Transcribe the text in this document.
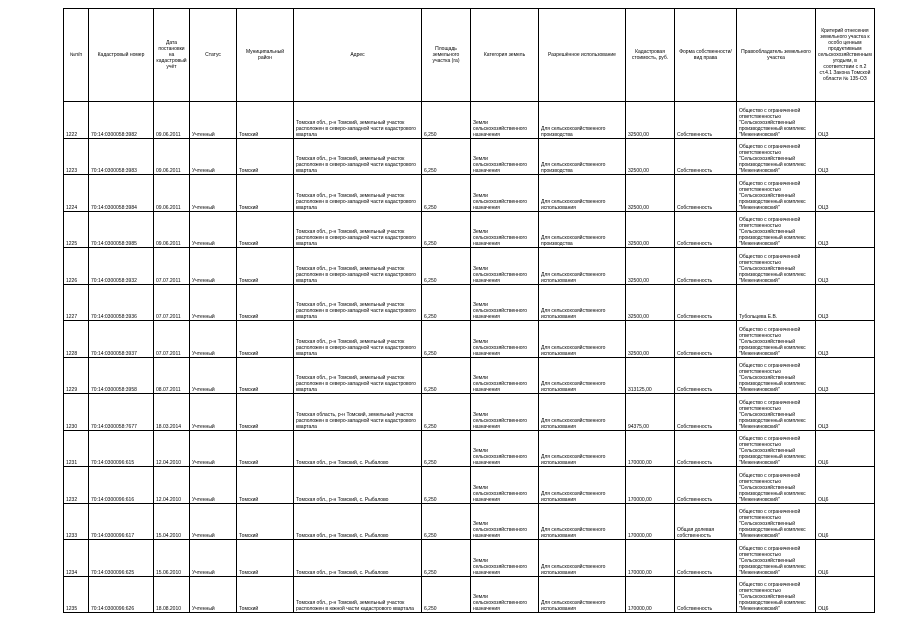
№п/п	Кадастровый номер	Дата постановки на кадастровый учёт	Статус	Муниципальный район	Адрес	Площадь земельного участка (га)	Категория земель	Разрешённое использование	Кадастровая стоимость, руб.	Форма собственности/вид права	Правообладатель земельного участка	Критерий отнесения земельного участка к особо ценным продуктивным сельскохозяйственным угодьям, в соответствии с п.2 ст.4.1 Закона Томской области № 135-ОЗ
1222	70:14:0300058:3982	09.06.2011	Учтенный	Томский	Томская обл., р-н Томский, земельный участок расположен в северо-западной части кадастрового квартала	6,250	Земли сельскохозяйственного назначения	Для сельскохозяйственного производства	32500,00	Собственность	Общество с ограниченной ответственностью "Сельскохозяйственный производственный комплекс "Межениновский"	ОЦ3
1223	70:14:0300058:3983	09.06.2011	Учтенный	Томский	Томская обл., р-н Томский, земельный участок расположен в северо-западной части кадастрового квартала	6,250	Земли сельскохозяйственного назначения	Для сельскохозяйственного производства	32500,00	Собственность	Общество с ограниченной ответственностью "Сельскохозяйственный производственный комплекс "Межениновский"	ОЦ3
1224	70:14:0300058:3984	09.06.2011	Учтенный	Томский	Томская обл., р-н Томский, земельный участок расположен в северо-западной части кадастрового квартала	6,250	Земли сельскохозяйственного назначения	Для сельскохозяйственного использования	32500,00	Собственность	Общество с ограниченной ответственностью "Сельскохозяйственный производственный комплекс "Межениновский"	ОЦ3
1225	70:14:0300058:3985	09.06.2011	Учтенный	Томский	Томская обл., р-н Томский, земельный участок расположен в северо-западной части кадастрового квартала	6,250	Земли сельскохозяйственного назначения	Для сельскохозяйственного производства	32500,00	Собственность	Общество с ограниченной ответственностью "Сельскохозяйственный производственный комплекс "Межениновский"	ОЦ3
1226	70:14:0300058:3932	07.07.2011	Учтенный	Томский	Томская обл., р-н Томский, земельный участок расположен в северо-западной части кадастрового квартала	6,250	Земли сельскохозяйственного назначения	Для сельскохозяйственного использования	32500,00	Собственность	Общество с ограниченной ответственностью "Сельскохозяйственный производственный комплекс "Межениновский"	ОЦ3
1227	70:14:0300058:3936	07.07.2011	Учтенный	Томский	Томская обл., р-н Томский, земельный участок расположен в северо-западной части кадастрового квартала	6,250	Земли сельскохозяйственного назначения	Для сельскохозяйственного использования	32500,00	Собственность	Тубольцева Е.В.	ОЦ3
1228	70:14:0300058:3937	07.07.2011	Учтенный	Томский	Томская обл., р-н Томский, земельный участок расположен в северо-западной части кадастрового квартала	6,250	Земли сельскохозяйственного назначения	Для сельскохозяйственного использования	32500,00	Собственность	Общество с ограниченной ответственностью "Сельскохозяйственный производственный комплекс "Межениновский"	ОЦ3
1229	70:14:0300058:3958	08.07.2011	Учтенный	Томский	Томская обл., р-н Томский, земельный участок расположен в северо-западной части кадастрового квартала	6,250	Земли сельскохозяйственного назначения	Для сельскохозяйственного использования	313125,00	Собственность	Общество с ограниченной ответственностью "Сельскохозяйственный производственный комплекс "Межениновский"	ОЦ3
1230	70:14:0300058:7677	18.03.2014	Учтенный	Томский	Томская область, р-н Томский, земельный участок расположен в северо-западной части кадастрового квартала	6,250	Земли сельскохозяйственного назначения	Для сельскохозяйственного использования	94375,00	Собственность	Общество с ограниченной ответственностью "Сельскохозяйственный производственный комплекс "Межениновский"	ОЦ3
1231	70:14:0300096:615	12.04.2010	Учтенный	Томский	Томская обл., р-н Томский, с. Рыбалово	6,250	Земли сельскохозяйственного назначения	Для сельскохозяйственного использования	170000,00	Собственность	Общество с ограниченной ответственностью "Сельскохозяйственный производственный комплекс "Межениновский"	ОЦ6
1232	70:14:0300096:616	12.04.2010	Учтенный	Томский	Томская обл., р-н Томский, с. Рыбалово	6,250	Земли сельскохозяйственного назначения	Для сельскохозяйственного использования	170000,00	Собственность	Общество с ограниченной ответственностью "Сельскохозяйственный производственный комплекс "Межениновский"	ОЦ6
1233	70:14:0300096:617	15.04.2010	Учтенный	Томский	Томская обл., р-н Томский, с. Рыбалово	6,250	Земли сельскохозяйственного назначения	Для сельскохозяйственного использования	170000,00	Общая долевая собственность	Общество с ограниченной ответственностью "Сельскохозяйственный производственный комплекс "Межениновский"	ОЦ6
1234	70:14:0300096:625	15.06.2010	Учтенный	Томский	Томская обл., р-н Томский, с. Рыбалово	6,250	Земли сельскохозяйственного назначения	Для сельскохозяйственного использования	170000,00	Собственность	Общество с ограниченной ответственностью "Сельскохозяйственный производственный комплекс "Межениновский"	ОЦ6
1235	70:14:0300096:626	18.08.2010	Учтенный	Томский	Томская обл., р-н Томский, земельный участок расположен в южной части кадастрового квартала	6,250	Земли сельскохозяйственного назначения	Для сельскохозяйственного использования	170000,00	Собственность	Общество с ограниченной ответственностью "Сельскохозяйственный производственный комплекс "Межениновский"	ОЦ6
